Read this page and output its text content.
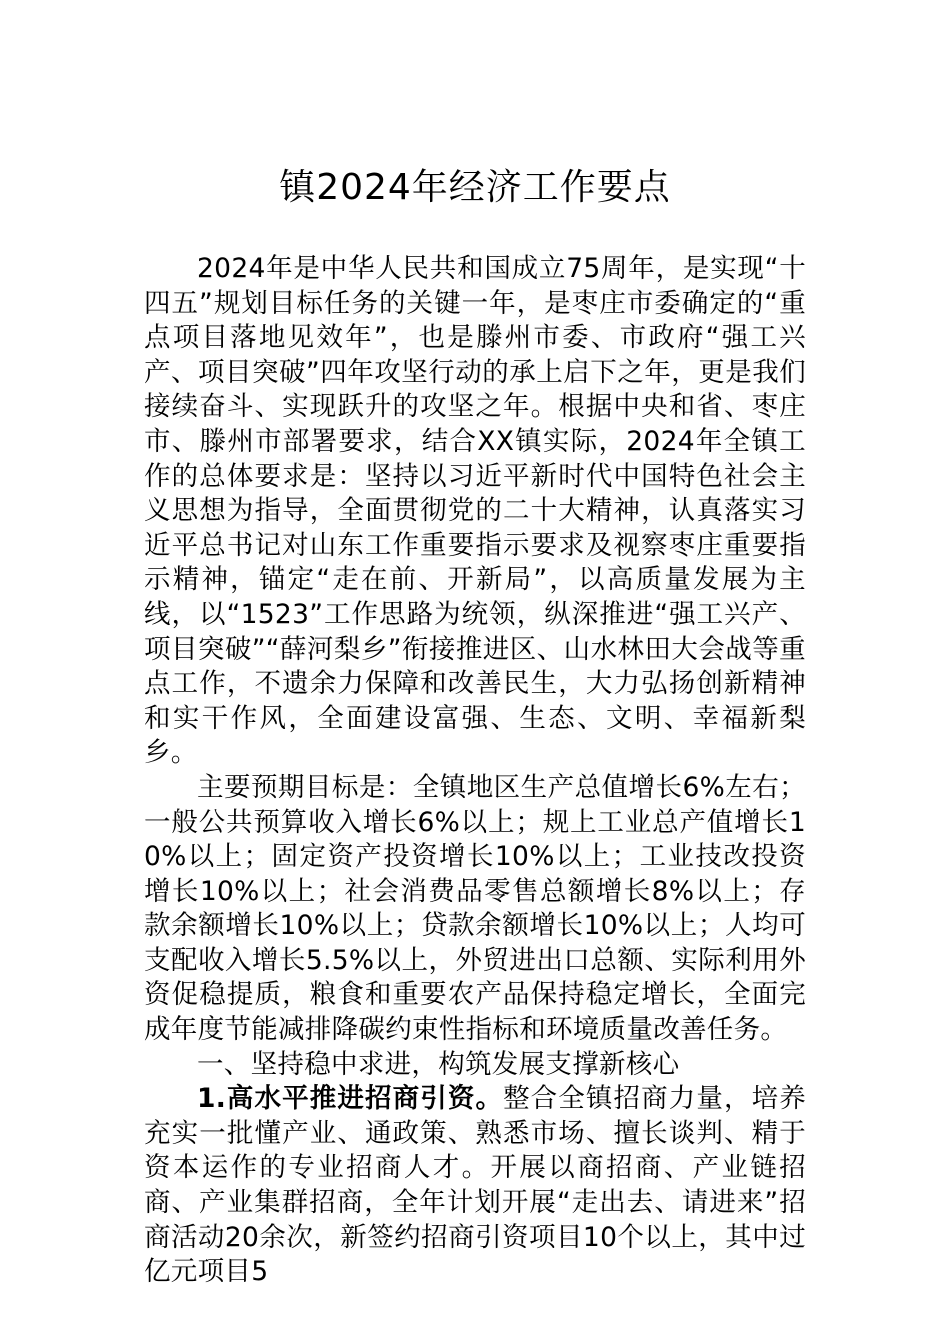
镇2024年经济工作要点

2024年是中华人民共和国成立75周年，是实现“十四五”规划目标任务的关键一年，是枣庄市委确定的“重点项目落地见效年”，也是滕州市委、市政府“强工兴产、项目突破”四年攻坚行动的承上启下之年，更是我们接续奋斗、实现跃升的攻坚之年。根据中央和省、枣庄市、滕州市部署要求，结合XX镇实际，2024年全镇工作的总体要求是：坚持以习近平新时代中国特色社会主义思想为指导，全面贯彻党的二十大精神，认真落实习近平总书记对山东工作重要指示要求及视察枣庄重要指示精神，锚定“走在前、开新局”，以高质量发展为主线，以“1523”工作思路为统领，纵深推进“强工兴产、项目突破”“薛河梨乡”衔接推进区、山水林田大会战等重点工作，不遗余力保障和改善民生，大力弘扬创新精神和实干作风，全面建设富强、生态、文明、幸福新梨乡。

主要预期目标是：全镇地区生产总值增长6%左右；一般公共预算收入增长6%以上；规上工业总产值增长10%以上；固定资产投资增长10%以上；工业技改投资增长10%以上；社会消费品零售总额增长8%以上；存款余额增长10%以上；贷款余额增长10%以上；人均可支配收入增长5.5%以上，外贸进出口总额、实际利用外资促稳提质，粮食和重要农产品保持稳定增长，全面完成年度节能减排降碳约束性指标和环境质量改善任务。

一、坚持稳中求进，构筑发展支撑新核心

1.高水平推进招商引资。整合全镇招商力量，培养充实一批懂产业、通政策、熟悉市场、擅长谈判、精于资本运作的专业招商人才。开展以商招商、产业链招商、产业集群招商，全年计划开展“走出去、请进来”招商活动20余次，新签约招商引资项目10个以上，其中过亿元项目5
